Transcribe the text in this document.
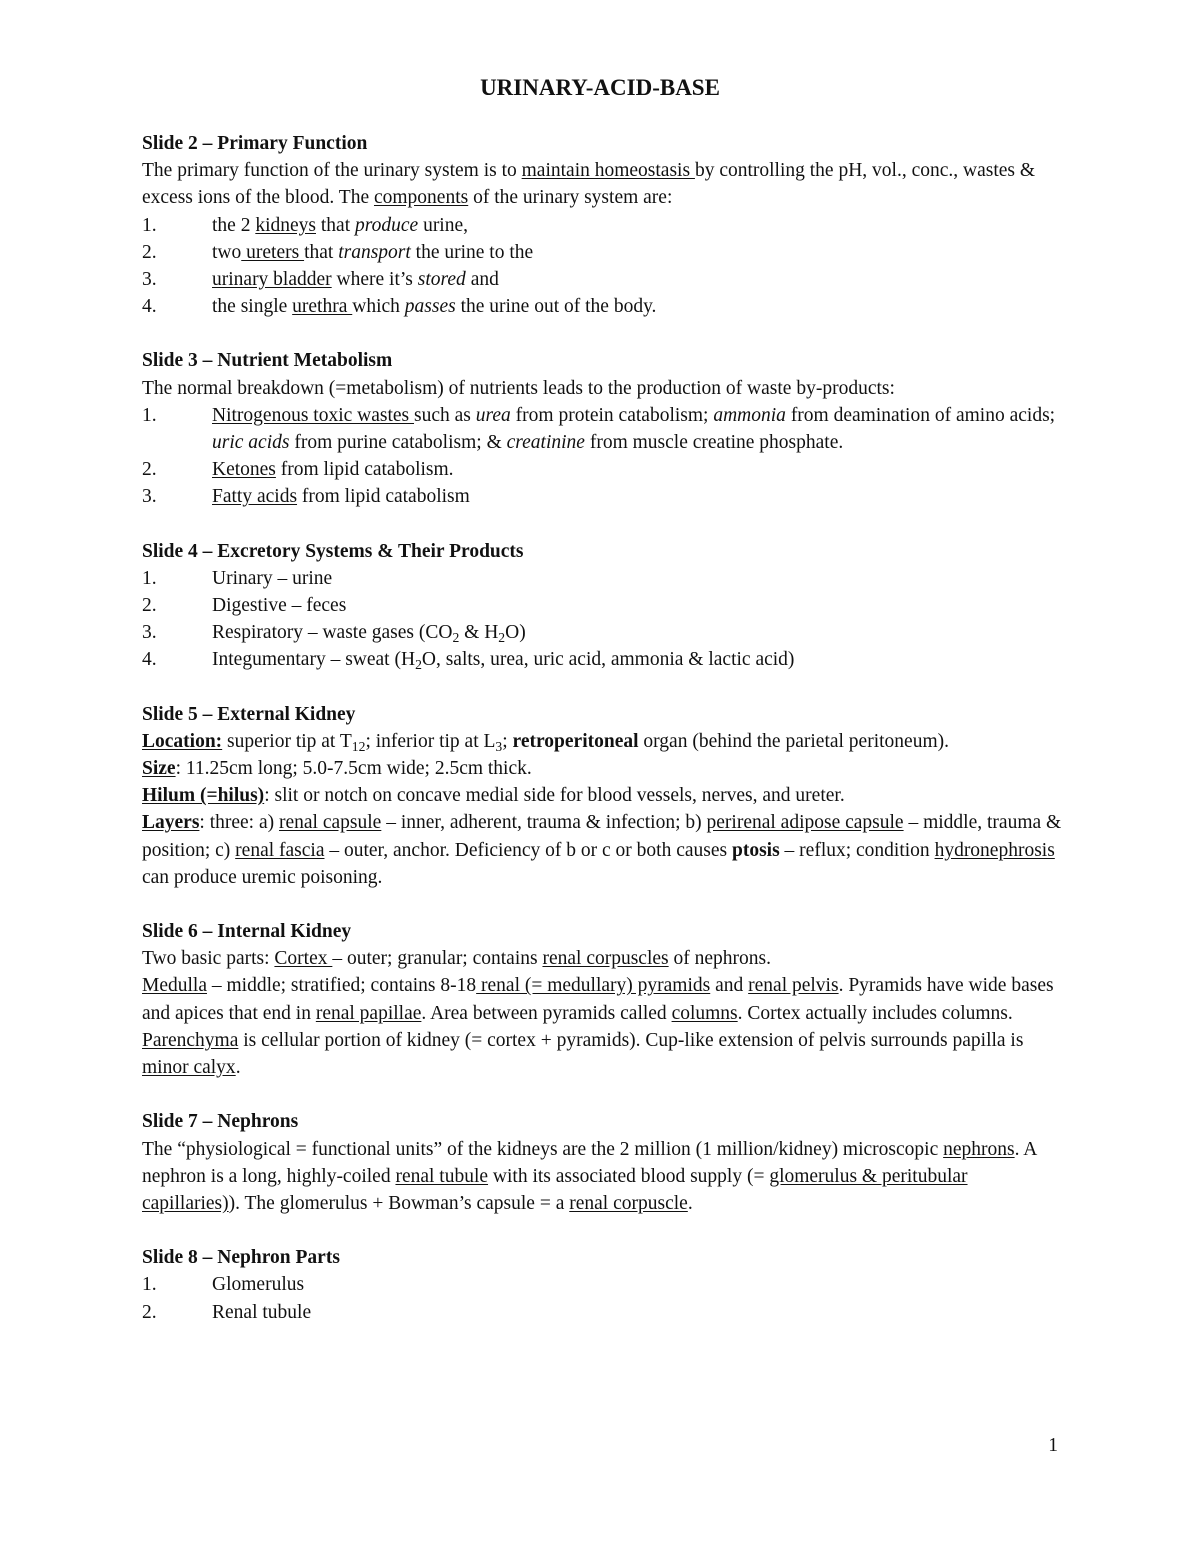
URINARY-ACID-BASE
Slide 2 – Primary Function
The primary function of the urinary system is to maintain homeostasis by controlling the pH, vol., conc., wastes & excess ions of the blood. The components of the urinary system are:
1.	the 2 kidneys that produce urine,
2.	two ureters that transport the urine to the
3.	urinary bladder where it’s stored and
4.	the single urethra which passes the urine out of the body.
Slide 3 – Nutrient Metabolism
The normal breakdown (=metabolism) of nutrients leads to the production of waste by-products:
1.	Nitrogenous toxic wastes such as urea from protein catabolism; ammonia from deamination of amino acids; uric acids from purine catabolism; & creatinine from muscle creatine phosphate.
2.	Ketones from lipid catabolism.
3.	Fatty acids from lipid catabolism
Slide 4 – Excretory Systems & Their Products
1.	Urinary – urine
2.	Digestive – feces
3.	Respiratory – waste gases ($CO_2$ & $H_2O$)
4.	Integumentary – sweat ($H_2O$, salts, urea, uric acid, ammonia & lactic acid)
Slide 5 – External Kidney
Location: superior tip at $T_{12}$; inferior tip at $L_3$; retroperitoneal organ (behind the parietal peritoneum).
Size: 11.25cm long; 5.0-7.5cm wide; 2.5cm thick.
Hilum (=hilus): slit or notch on concave medial side for blood vessels, nerves, and ureter.
Layers: three: a) renal capsule – inner, adherent, trauma & infection; b) perirenal adipose capsule – middle, trauma & position; c) renal fascia – outer, anchor. Deficiency of b or c or both causes ptosis – reflux; condition hydronephrosis can produce uremic poisoning.
Slide 6 – Internal Kidney
Two basic parts: Cortex – outer; granular; contains renal corpuscles of nephrons.
Medulla – middle; stratified; contains 8-18 renal (= medullary) pyramids and renal pelvis. Pyramids have wide bases and apices that end in renal papillae. Area between pyramids called columns. Cortex actually includes columns. Parenchyma is cellular portion of kidney (= cortex + pyramids). Cup-like extension of pelvis surrounds papilla is minor calyx.
Slide 7 – Nephrons
The “physiological = functional units” of the kidneys are the 2 million (1 million/kidney) microscopic nephrons. A nephron is a long, highly-coiled renal tubule with its associated blood supply (= glomerulus & peritubular capillaries)). The glomerulus + Bowman’s capsule = a renal corpuscle.
Slide 8 – Nephron Parts
1.	Glomerulus
2.	Renal tubule
1
